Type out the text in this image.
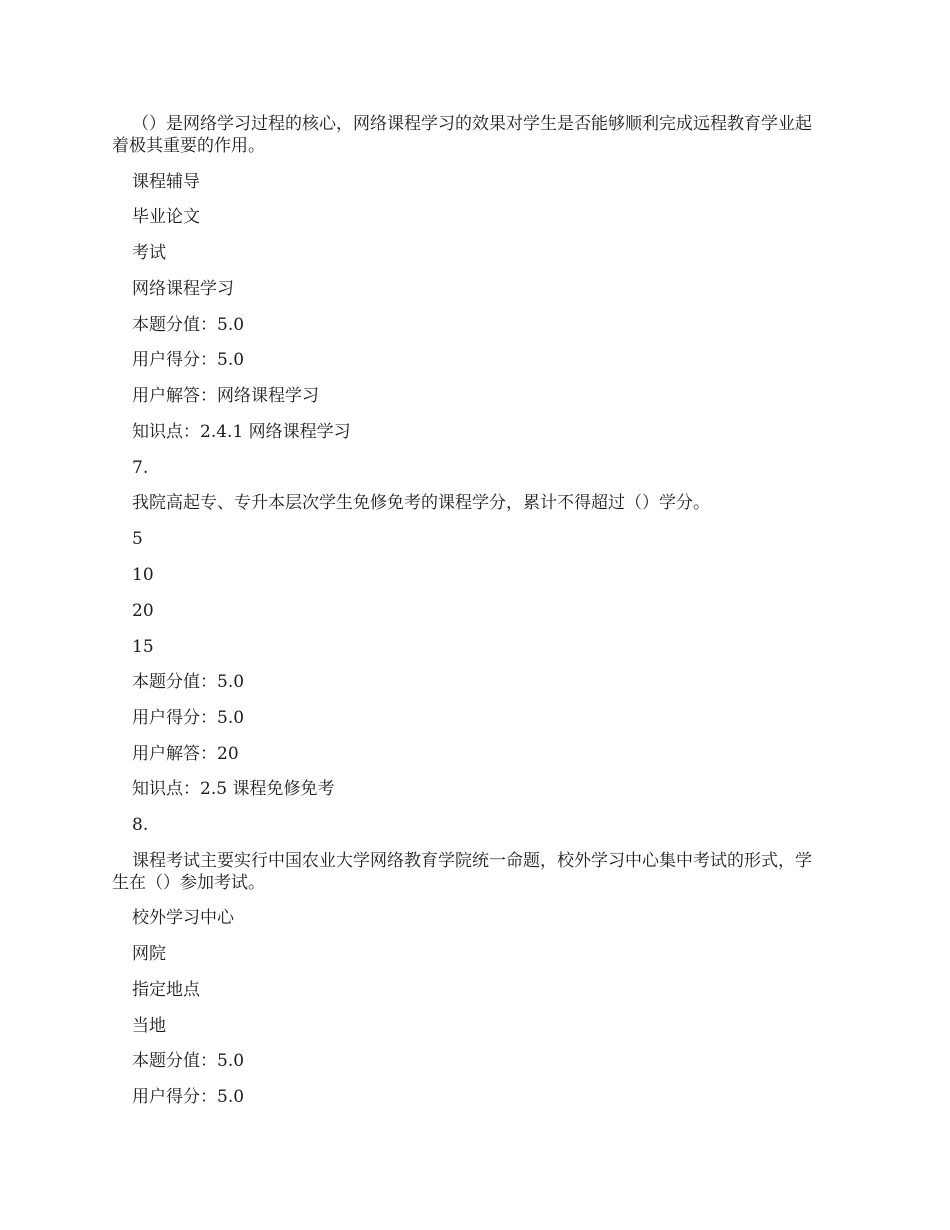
（）是网络学习过程的核心，网络课程学习的效果对学生是否能够顺利完成远程教育学业起着极其重要的作用。
课程辅导
毕业论文
考试
网络课程学习
本题分值：5.0
用户得分：5.0
用户解答：网络课程学习
知识点：2.4.1 网络课程学习
7.
我院高起专、专升本层次学生免修免考的课程学分，累计不得超过（）学分。
5
10
20
15
本题分值：5.0
用户得分：5.0
用户解答：20
知识点：2.5 课程免修免考
8.
课程考试主要实行中国农业大学网络教育学院统一命题，校外学习中心集中考试的形式，学生在（）参加考试。
校外学习中心
网院
指定地点
当地
本题分值：5.0
用户得分：5.0
